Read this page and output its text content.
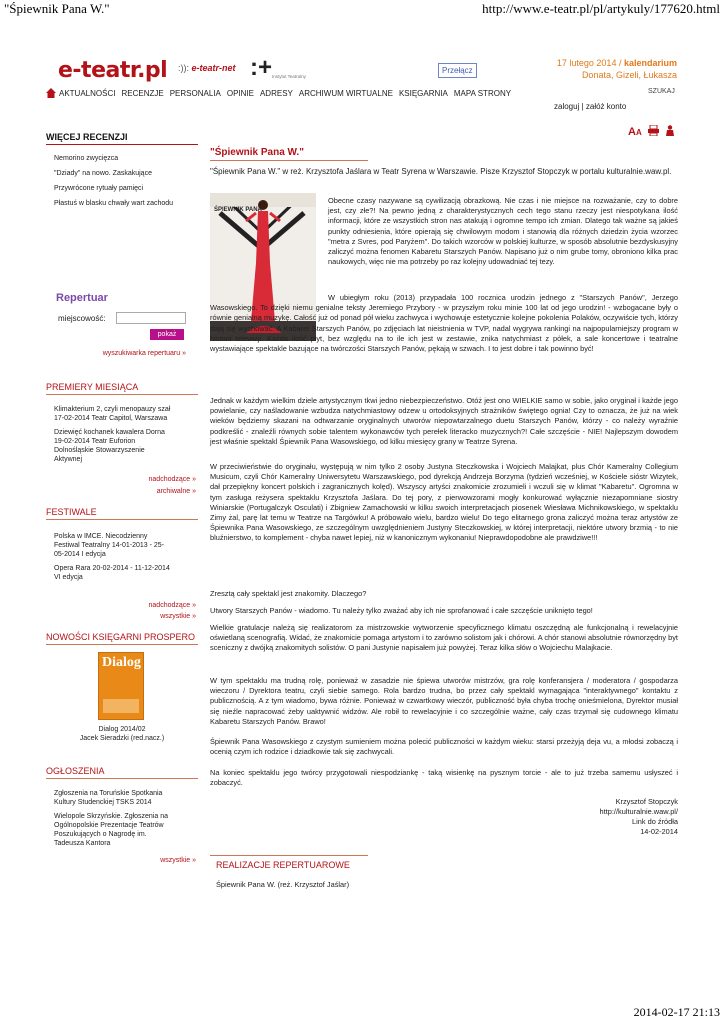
"Śpiewnik Pana W."	http://www.e-teatr.pl/pl/artykuly/177620.html
2014-02-17 21:13
e-teatr.pl :)): e-teatr-net :+ Instytut Teatralny
Przełącz
17 lutego 2014 / kalendarium
Donata, Gizeli, Łukasza
AKTUALNOŚCI RECENZJE PERSONALIA OPINIE ADRESY ARCHIWUM WIRTUALNE KSIĘGARNIA MAPA STRONY	SZUKAJ
zaloguj | załóż konto
WIĘCEJ RECENZJI
Nemorino zwycięzca
"Dziady" na nowo. Zaskakujące
Przywrócone rytuały pamięci
Płastuś w blasku chwały wart zachodu
Repertuar
miejscowość:
pokaż
wyszukiwarka repertuaru »
PREMIERY MIESIĄCA
Klimakterium 2, czyli menopauzy szał 17-02-2014 Teatr Capitol, Warszawa
Dziewięć kochanek kawalera Dorna 19-02-2014 Teatr Euforion Dolnośląskie Stowarzyszenie Aktywnej
nadchodzące »
archiwalne »
FESTIWALE
Polska w IMCE. Niecodzienny Festiwal Teatralny 14-01-2013 - 25-05-2014 I edycja
Opera Rara 20-02-2014 - 11-12-2014 VI edycja
nadchodzące »
wszystkie »
NOWOŚCI KSIĘGARNI PROSPERO
Dialog
Dialog 2014/02
Jacek Sieradzki (red.nacz.)
OGŁOSZENIA
Zgłoszenia na Toruńskie Spotkania Kultury Studenckiej TSKS 2014
Wielopole Skrzyńskie. Zgłoszenia na Ogólnopolskie Prezentacje Teatrów Poszukujących o Nagrodę im. Tadeusza Kantora
wszystkie »
AA
"Śpiewnik Pana W."
"Śpiewnik Pana W." w reż. Krzysztofa Jaślara w Teatr Syrena w Warszawie. Pisze Krzysztof Stopczyk w portalu kulturalnie.waw.pl.
ŚPIEWNIK PANA
Obecne czasy nazywane są cywilizacją obrazkową. Nie czas i nie miejsce na rozważanie, czy to dobre jest, czy złe?! Na pewno jedną z charakterystycznych cech tego stanu rzeczy jest niespotykana ilość informacji, które ze wszystkich stron nas atakują i ogromne tempo ich zmian. Dlatego tak ważne są jakieś punkty odniesienia, które opierają się chwilowym modom i stanowią dla różnych dziedzin życia wzorzec "metra z Svres, pod Paryżem". Do takich wzorców w polskiej kulturze, w sposób absolutnie bezdyskusyjny zaliczyć można fenomen Kabaretu Starszych Panów. Napisano już o nim grube tomy, obroniono kilka prac naukowych, więc nie ma potrzeby po raz kolejny udowadniać tej tezy.
W ubiegłym roku (2013) przypadała 100 rocznica urodzin jednego z "Starszych Panów", Jerzego Wasowskiego. To dzięki niemu genialne teksty Jeremiego Przybory - w przyszłym roku minie 100 lat od jego urodzin! - wzbogacane były o równie genialną muzykę. Całość już od ponad pół wieku zachwyca i wychowuje estetycznie kolejne pokolenia Polaków, oczywiście tych, którzy dają się wychować. A Kabaret Starszych Panów, po zdjęciach lat nieistnienia w TVP, nadal wygrywa rankingi na najpopularniejszy program w historii telewizji. Każda ilość płyt, bez względu na to ile ich jest w zestawie, znika natychmiast z półek, a sale koncertowe i teatralne wystawiające spektakle bazujące na twórczości Starszych Panów, pękają w szwach. I to jest dobre i tak powinno być!
Jednak w każdym wielkim dziele artystycznym tkwi jedno niebezpieczeństwo. Otóż jest ono WIELKIE samo w sobie, jako oryginał i każde jego powielanie, czy naśladowanie wzbudza natychmiastowy odzew u ortodoksyjnych strażników świętego ognia! Czy to oznacza, że już na wiek wieków będziemy skazani na odtwarzanie oryginalnych utworów niepowtarzalnego duetu Starszych Panów, którzy - co należy wyraźnie podkreślić - znaleźli równych sobie talentem wykonawców tych perełek literacko muzycznych?! Całe szczęście - NIE! Najlepszym dowodem jest właśnie spektakl Śpiewnik Pana Wasowskiego, od kilku miesięcy grany w Teatrze Syrena.
W przeciwieństwie do oryginału, występują w nim tylko 2 osoby Justyna Steczkowska i Wojciech Malajkat, plus Chór Kameralny Collegium Musicum, czyli Chór Kameralny Uniwersytetu Warszawskiego, pod dyrekcją Andrzeja Borzyma (tydzień wcześniej, w Kościele sióstr Wizytek, dał przepiękny koncert polskich i zagranicznych kolęd). Wszyscy artyści znakomicie zrozumieli i wczuli się w klimat "Kabaretu". Ogromna w tym zasługa reżysera spektaklu Krzysztofa Jaślara. Do tej pory, z pierwowzorami mogły konkurować wyłącznie niezapomniane siostry Winiarskie (Portugalczyk Osculati) i Zbigniew Zamachowski w kilku swoich interpretacjach piosenek Wiesława Michnikowskiego, w spektaklu Zimy żal, parę lat temu w Teatrze na Targówku! A próbowało wielu, bardzo wielu! Do tego elitarnego grona zaliczyć można teraz artystów ze Śpiewnika Pana Wasowskiego, ze szczególnym uwzględnieniem Justyny Steczkowskiej, w której interpretacji, niektóre utwory brzmią - to nie bluźnierstwo, to komplement - chyba nawet lepiej, niż w kanonicznym wykonaniu! Nieprawdopodobne ale prawdziwe!!!
Zresztą cały spektakl jest znakomity. Dlaczego?
Utwory Starszych Panów - wiadomo. Tu należy tylko zważać aby ich nie sprofanować i całe szczęście uniknięto tego!
Wielkie gratulacje należą się realizatorom za mistrzowskie wytworzenie specyficznego klimatu oszczędną ale funkcjonalną i rewelacyjnie oświetlaną scenografią. Widać, że znakomicie pomaga artystom i to zarówno solistom jak i chórowi. A chór stanowi absolutnie równorzędny byt sceniczny z dwójką znakomitych solistów. O pani Justynie napisałem już powyżej. Teraz kilka słów o Wojciechu Malajkacie.
W tym spektaklu ma trudną rolę, ponieważ w zasadzie nie śpiewa utworów mistrzów, gra rolę konferansjera / moderatora / gospodarza wieczoru / Dyrektora teatru, czyli siebie samego. Rola bardzo trudna, bo przez cały spektakl wymagająca "interaktywnego" kontaktu z publicznością. A z tym wiadomo, bywa różnie. Ponieważ w czwartkowy wieczór, publiczność była chyba trochę onieśmielona, Dyrektor musiał się nieźle napracować żeby uaktywnić widzów. Ale robił to rewelacyjnie i co szczególnie ważne, cały czas trzymał się cudownego klimatu Kabaretu Starszych Panów. Brawo!
Śpiewnik Pana Wasowskiego z czystym sumieniem można polecić publiczności w każdym wieku: starsi przeżyją deja vu, a młodsi zobaczą i ocenią czym ich rodzice i dziadkowie tak się zachwycali.
Na koniec spektaklu jego twórcy przygotowali niespodziankę - taką wisienkę na pysznym torcie - ale to już trzeba samemu usłyszeć i zobaczyć.
Krzysztof Stopczyk
http://kulturalnie.waw.pl/
Link do źródła
14-02-2014
REALIZACJE REPERTUAROWE
Śpiewnik Pana W. (reż. Krzysztof Jaślar)
